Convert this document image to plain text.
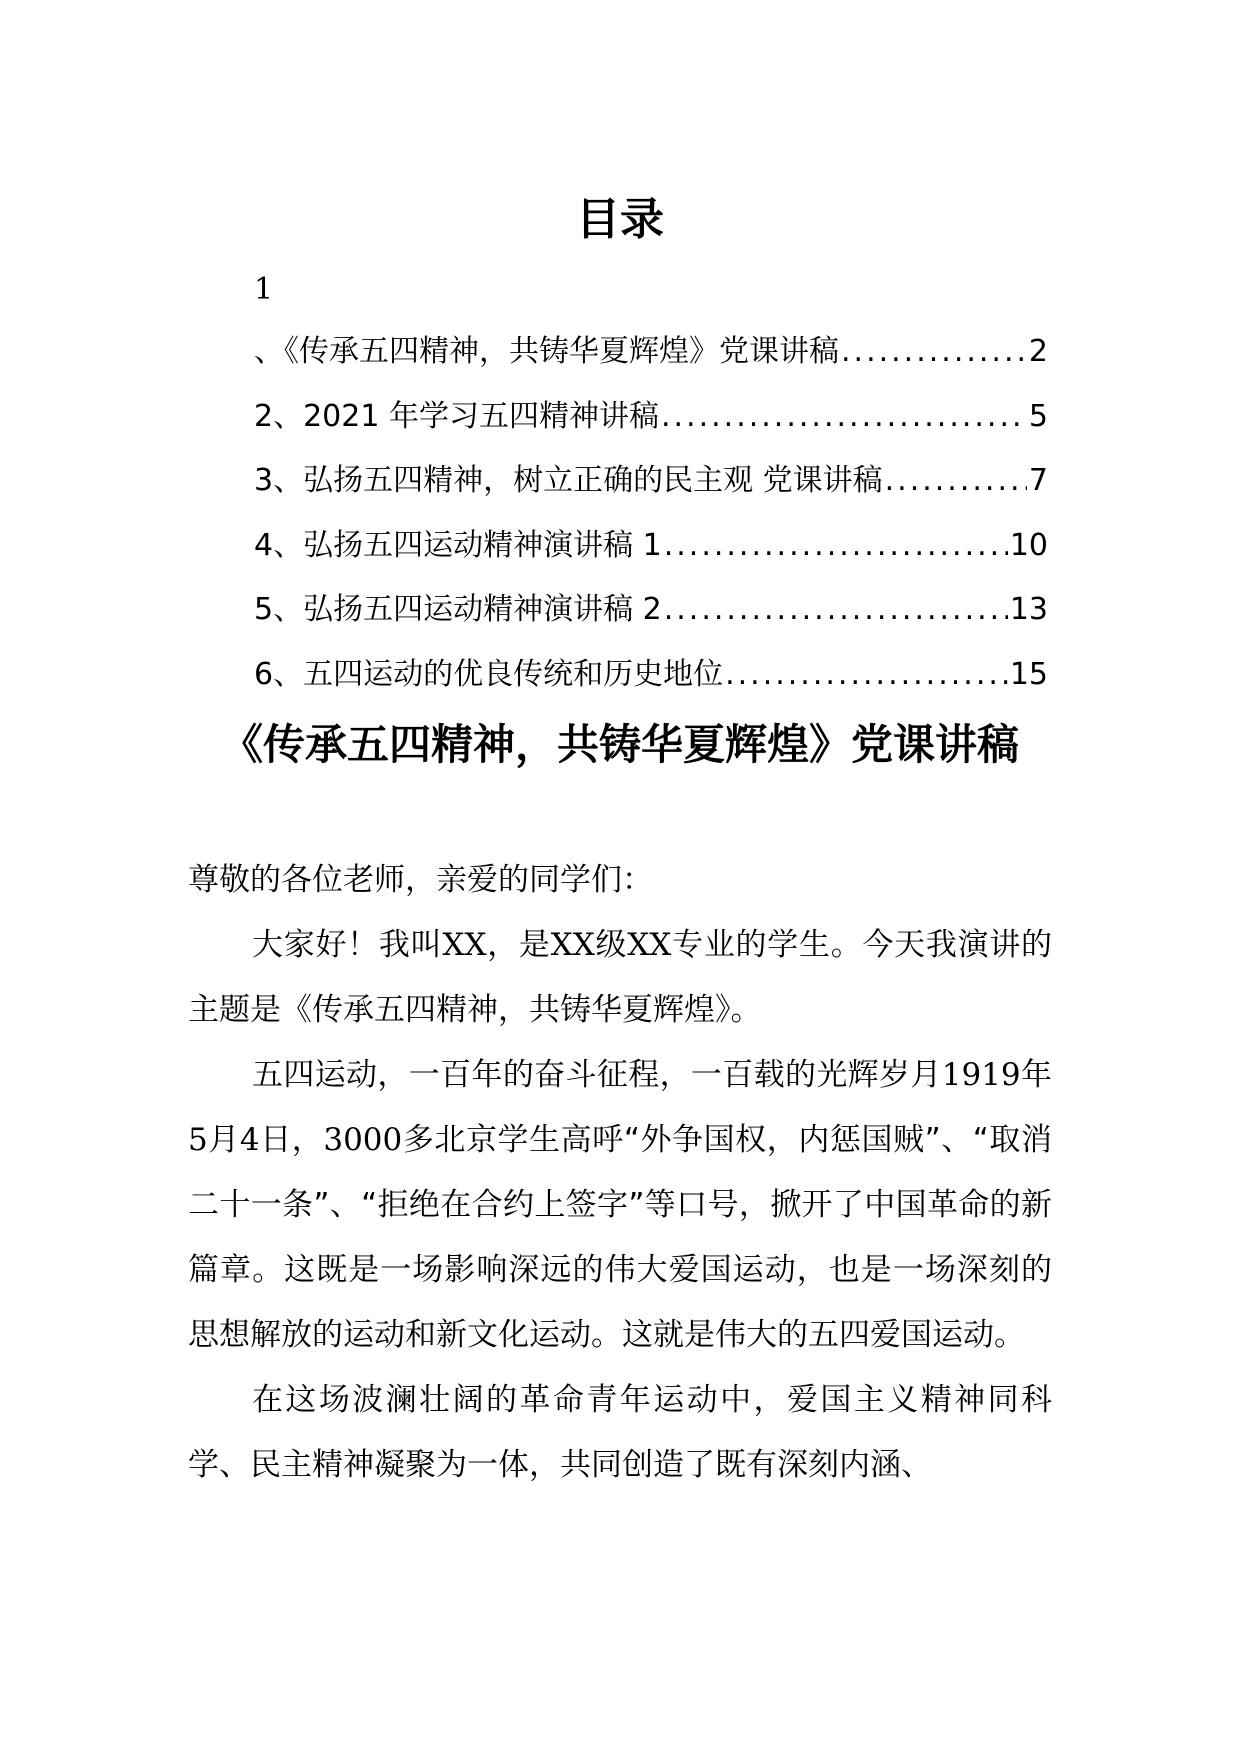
目录
1
、《传承五四精神，共铸华夏辉煌》党课讲稿 .....	2
2、2021 年学习五四精神讲稿 .....	5
3、弘扬五四精神，树立正确的民主观 党课讲稿 .....	7
4、弘扬五四运动精神演讲稿 1 .....	10
5、弘扬五四运动精神演讲稿 2 .....	13
6、五四运动的优良传统和历史地位 .....	15
《传承五四精神，共铸华夏辉煌》党课讲稿

尊敬的各位老师，亲爱的同学们：

大家好！我叫XX，是XX级XX专业的学生。今天我演讲的主题是《传承五四精神，共铸华夏辉煌》。

五四运动，一百年的奋斗征程，一百载的光辉岁月1919年5月4日，3000多北京学生高呼“外争国权，内惩国贼”、“取消二十一条”、“拒绝在合约上签字”等口号，掀开了中国革命的新篇章。这既是一场影响深远的伟大爱国运动，也是一场深刻的思想解放的运动和新文化运动。这就是伟大的五四爱国运动。

在这场波澜壮阔的革命青年运动中，爱国主义精神同科学、民主精神凝聚为一体，共同创造了既有深刻内涵、
